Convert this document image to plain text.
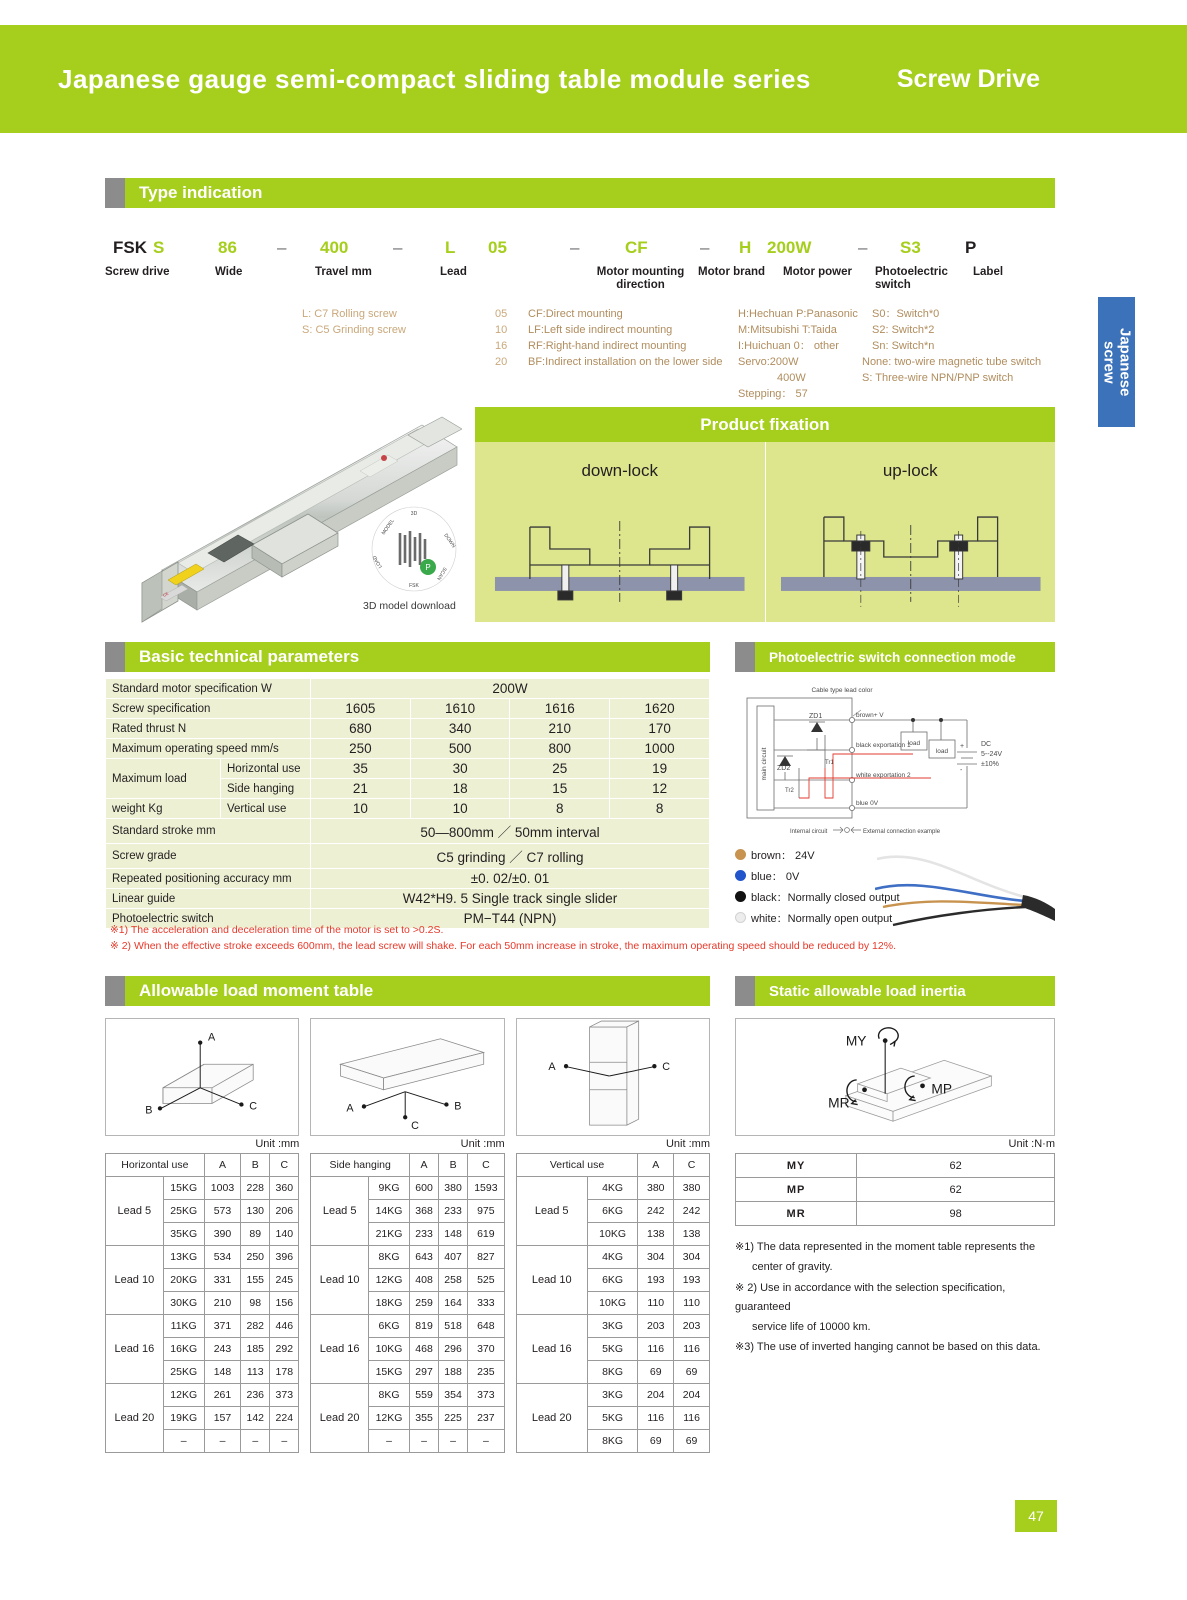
Japanese gauge semi-compact sliding table module series	Screw Drive
Japanese
screw
Type indication
FSK S	86 – 400	–	L 05	–	CF	– H 200W	– S3	P
Screw drive	Wide	Travel mm	Lead	Motor mounting direction
Motor brand Motor power Photoelectric switch
Label
L: C7 Rolling screw
S: C5 Grinding screw
05
10
16
20
CF:Direct mounting
LF:Left side indirect mounting
RF:Right-hand indirect mounting
BF:Indirect installation on the lower side
H:Hechuan P:Panasonic
M:Mitsubishi T:Taida
I:Huichuan 0： other
Servo:200W
400W
Stepping： 57
S0：Switch*0
S2: Switch*2
Sn: Switch*n
None: two-wire magnetic tube switch
S: Three-wire NPN/PNP switch
CE
3D
MODEL
DOWN
LOAD
SCAN
FSK
P
3D model download
Product fixation
down-lock	up-lock
Basic technical parameters
Standard motor specification W		200W			
Screw specification		1605	1610	1616	1620
Rated thrust N		680	340	210	170
Maximum operating speed mm/s		250	500	800	1000
Maximum load	Horizontal use	35	30	25	19
	Side hanging	21	18	15	12
weight Kg	Vertical use	10	10	8	8
Standard stroke mm		50—800mm ／ 50mm interval			
Screw grade		C5 grinding ／ C7 rolling			
Repeated positioning accuracy mm		±0. 02/±0. 01			
Linear guide		W42*H9. 5 Single track single slider			
Photoelectric switch		PM−T44 (NPN)			
※1) The acceleration and deceleration time of the motor is set to >0.2S.
※ 2) When the effective stroke exceeds 600mm, the lead screw will shake. For each 50mm increase in stroke, the maximum operating speed should be reduced by 12%.
Photoelectric switch connection mode
Cable type lead color
main circuit
ZD1
ZD2
Tr1
Tr2
brown+ V
black exportation 1
white exportation 2
blue 0V
load
load
DC
5--24V
±10%
+
-
Internal circuit	External connection example
brown： 24V
blue： 0V
black：Normally closed output
white：Normally open output
Allowable load moment table
A
B	C	A	B
C
A	C
Unit :mm	Unit :mm	Unit :mm
Horizontal use		A	B	C
Lead 5	15KG	1003	228	360
	25KG	573	130	206
	35KG	390	89	140
Lead 10	13KG	534	250	396
	20KG	331	155	245
	30KG	210	98	156
Lead 16	11KG	371	282	446
	16KG	243	185	292
	25KG	148	113	178
Lead 20	12KG	261	236	373
	19KG	157	142	224
	–	–	–	–
Side hanging		A	B	C
Lead 5	9KG	600	380	1593
	14KG	368	233	975
	21KG	233	148	619
Lead 10	8KG	643	407	827
	12KG	408	258	525
	18KG	259	164	333
Lead 16	6KG	819	518	648
	10KG	468	296	370
	15KG	297	188	235
Lead 20	8KG	559	354	373
	12KG	355	225	237
	–	–	–	–
Vertical use		A	C
Lead 5	4KG	380	380
	6KG	242	242
	10KG	138	138
Lead 10	4KG	304	304
	6KG	193	193
	10KG	110	110
Lead 16	3KG	203	203
	5KG	116	116
	8KG	69	69
Lead 20	3KG	204	204
	5KG	116	116
	8KG	69	69
Static allowable load inertia
MY
MR
MP
Unit :N·m
MY	62
MP	62
MR	98
※1) The data represented in the moment table represents the
center of gravity.
※ 2) Use in accordance with the selection specification, guaranteed
service life of 10000 km.
※3) The use of inverted hanging cannot be based on this data.
47
